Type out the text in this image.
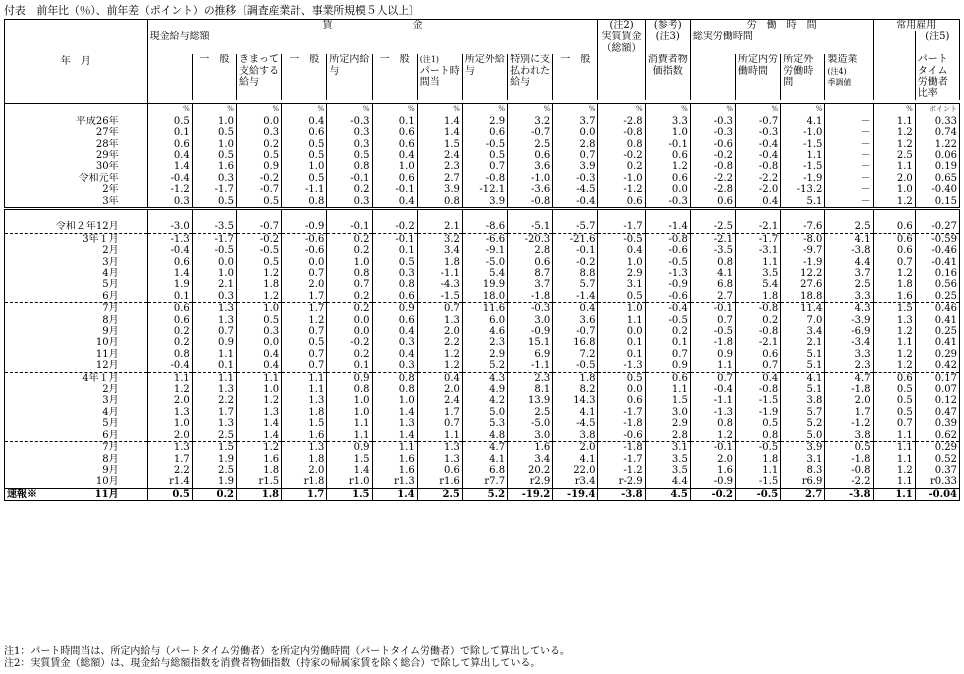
付表　前年比（％）、前年差（ポイント）の推移〔調査産業計、事業所規模５人以上〕
年　月	賃　　　　　　　　金										(注2)	(参考)	労　働　時　間				常用雇用	
	現金給与総額										実質賃金（総額）	(注3)	総実労働時間					(注5)
		一　般	きまって支給する給与	一　般	所定内給与	一　般	(注1)
パート時間当	所定外給与	特別に支払われた給与	一　般		消費者物価指数		所定内労働時間	所定外労働時間	製造業
(注4)
季調値		パートタイム労働者比率

	%	%	%	%	%	%	%	%	%	%	%	%	%	%	%		%	ポイント
平成26年	0.5	1.0	0.0	0.4	-0.3	0.1	1.4	2.9	3.2	3.7	-2.8	3.3	-0.3	-0.7	4.1	－	1.1	0.33
27年	0.1	0.5	0.3	0.6	0.3	0.6	1.4	0.6	-0.7	0.0	-0.8	1.0	-0.3	-0.3	-1.0	－	1.2	0.74
28年	0.6	1.0	0.2	0.5	0.3	0.6	1.5	-0.5	2.5	2.8	0.8	-0.1	-0.6	-0.4	-1.5	－	1.2	1.22
29年	0.4	0.5	0.5	0.5	0.5	0.4	2.4	0.5	0.6	0.7	-0.2	0.6	-0.2	-0.4	1.1	－	2.5	0.06
30年	1.4	1.6	0.9	1.0	0.8	1.0	2.3	0.7	3.6	3.9	0.2	1.2	-0.8	-0.8	-1.5	－	1.1	0.19
令和元年	-0.4	0.3	-0.2	0.5	-0.1	0.6	2.7	-0.8	-1.0	-0.3	-1.0	0.6	-2.2	-2.2	-1.9	－	2.0	0.65
2年	-1.2	-1.7	-0.7	-1.1	0.2	-0.1	3.9	-12.1	-3.6	-4.5	-1.2	0.0	-2.8	-2.0	-13.2	－	1.0	-0.40
3年	0.3	0.5	0.5	0.8	0.3	0.4	0.8	3.9	-0.8	-0.4	0.6	-0.3	0.6	0.4	5.1	－	1.2	0.15

令和２年12月	-3.0	-3.5	-0.7	-0.9	-0.1	-0.2	2.1	-8.6	-5.1	-5.7	-1.7	-1.4	-2.5	-2.1	-7.6	2.5	0.6	-0.27
3年１月	-1.3	-1.7	-0.2	-0.6	0.2	-0.1	3.2	-6.6	-20.3	-21.6	-0.5	-0.8	-2.1	-1.7	-8.0	4.1	0.6	-0.59
2月	-0.4	-0.5	-0.5	-0.6	0.2	0.1	3.4	-9.1	2.8	-0.1	0.4	-0.6	-3.5	-3.1	-9.7	-3.8	0.6	-0.46
3月	0.6	0.0	0.5	0.0	1.0	0.5	1.8	-5.0	0.6	-0.2	1.0	-0.5	0.8	1.1	-1.9	4.4	0.7	-0.41
4月	1.4	1.0	1.2	0.7	0.8	0.3	-1.1	5.4	8.7	8.8	2.9	-1.3	4.1	3.5	12.2	3.7	1.2	0.16
5月	1.9	2.1	1.8	2.0	0.7	0.8	-4.3	19.9	3.7	5.7	3.1	-0.9	6.8	5.4	27.6	2.5	1.8	0.56
6月	0.1	0.3	1.2	1.7	0.2	0.6	-1.5	18.0	-1.8	-1.4	0.5	-0.6	2.7	1.8	18.8	3.3	1.6	0.25
7月	0.6	1.3	1.0	1.7	0.2	0.9	0.7	11.6	-0.3	0.4	1.0	-0.4	-0.1	-0.8	11.4	4.3	1.5	0.46
8月	0.6	1.3	0.5	1.2	0.0	0.6	1.3	6.0	3.0	3.6	1.1	-0.5	0.7	0.2	7.0	-3.9	1.3	0.41
9月	0.2	0.7	0.3	0.7	0.0	0.4	2.0	4.6	-0.9	-0.7	0.0	0.2	-0.5	-0.8	3.4	-6.9	1.2	0.25
10月	0.2	0.9	0.0	0.5	-0.2	0.3	2.2	2.3	15.1	16.8	0.1	0.1	-1.8	-2.1	2.1	-3.4	1.1	0.41
11月	0.8	1.1	0.4	0.7	0.2	0.4	1.2	2.9	6.9	7.2	0.1	0.7	0.9	0.6	5.1	3.3	1.2	0.29
12月	-0.4	0.1	0.4	0.7	0.1	0.3	1.2	5.2	-1.1	-0.5	-1.3	0.9	1.1	0.7	5.1	2.3	1.2	0.42
4年１月	1.1	1.1	1.1	1.1	0.9	0.8	0.4	4.3	2.3	1.8	0.5	0.6	0.7	0.4	4.1	4.7	0.6	0.17
2月	1.2	1.3	1.0	1.1	0.8	0.8	2.0	4.9	8.1	8.2	0.0	1.1	-0.4	-0.8	5.1	-1.8	0.5	0.07
3月	2.0	2.2	1.2	1.3	1.0	1.0	2.4	4.2	13.9	14.3	0.6	1.5	-1.1	-1.5	3.8	2.0	0.5	0.12
4月	1.3	1.7	1.3	1.8	1.0	1.4	1.7	5.0	2.5	4.1	-1.7	3.0	-1.3	-1.9	5.7	1.7	0.5	0.47
5月	1.0	1.3	1.4	1.5	1.1	1.3	0.7	5.3	-5.0	-4.5	-1.8	2.9	0.8	0.5	5.2	-1.2	0.7	0.39
6月	2.0	2.5	1.4	1.6	1.1	1.4	1.1	4.8	3.0	3.8	-0.6	2.8	1.2	0.8	5.0	3.8	1.1	0.62
7月	1.3	1.5	1.2	1.3	0.9	1.1	1.3	4.7	1.6	2.0	-1.8	3.1	-0.1	-0.5	3.9	0.5	1.1	0.29
8月	1.7	1.9	1.6	1.8	1.5	1.6	1.3	4.1	3.4	4.1	-1.7	3.5	2.0	1.8	3.1	-1.8	1.1	0.52
9月	2.2	2.5	1.8	2.0	1.4	1.6	0.6	6.8	20.2	22.0	-1.2	3.5	1.6	1.1	8.3	-0.8	1.2	0.37
10月	r1.4	1.9	r1.5	r1.8	r1.0	r1.3	r1.6	r7.7	r2.9	r3.4	r-2.9	4.4	-0.9	-1.5	r6.9	-2.2	1.1	r0.33
速報※ 11月	0.5	0.2	1.8	1.7	1.5	1.4	2.5	5.2	-19.2	-19.4	-3.8	4.5	-0.2	-0.5	2.7	-3.8	1.1	-0.04
注1：パート時間当は、所定内給与（パートタイム労働者）を所定内労働時間（パートタイム労働者）で除して算出している。
注2：実質賃金（総額）は、現金給与総額指数を消費者物価指数（持家の帰属家賃を除く総合）で除して算出している。
